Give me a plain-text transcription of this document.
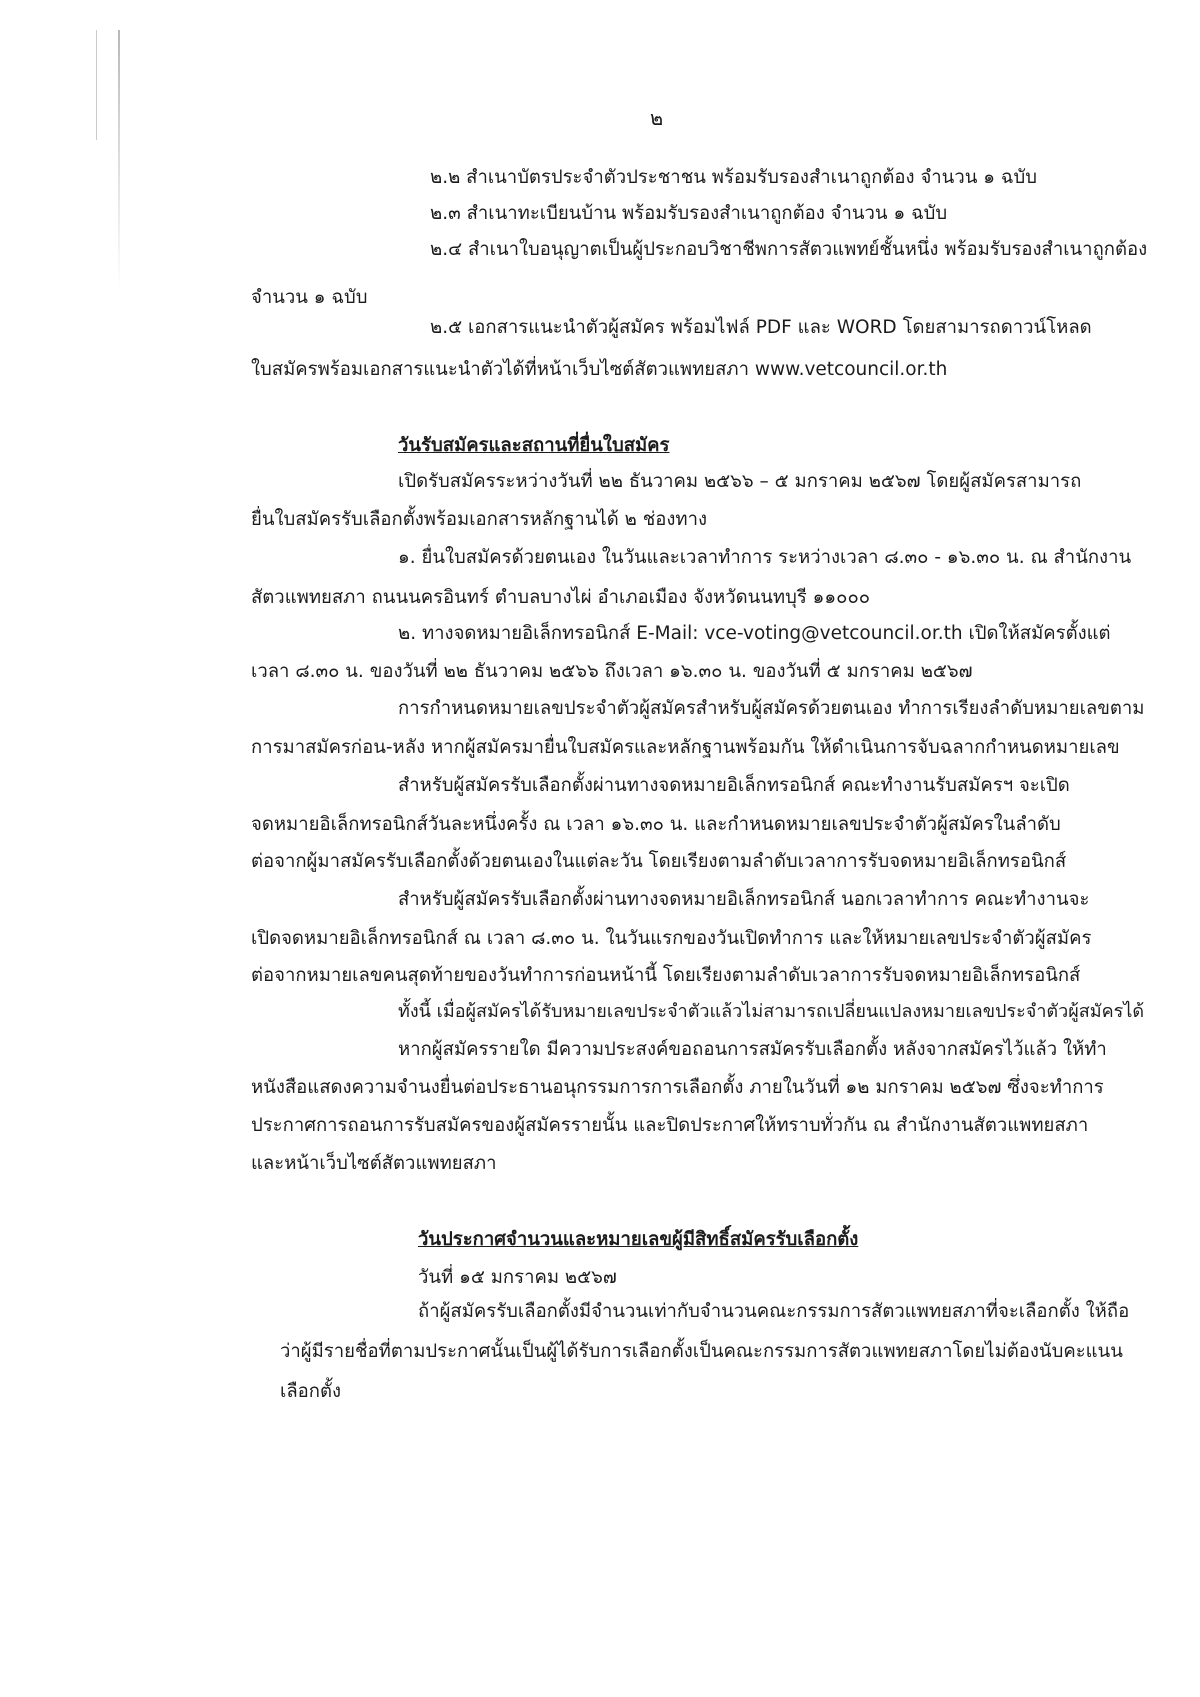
๒
๒.๒ สำเนาบัตรประจำตัวประชาชน พร้อมรับรองสำเนาถูกต้อง จำนวน ๑ ฉบับ
๒.๓ สำเนาทะเบียนบ้าน พร้อมรับรองสำเนาถูกต้อง จำนวน ๑ ฉบับ
๒.๔ สำเนาใบอนุญาตเป็นผู้ประกอบวิชาชีพการสัตวแพทย์ชั้นหนึ่ง พร้อมรับรองสำเนาถูกต้อง
จำนวน ๑ ฉบับ
๒.๕ เอกสารแนะนำตัวผู้สมัคร พร้อมไฟล์ PDF และ WORD โดยสามารถดาวน์โหลด
ใบสมัครพร้อมเอกสารแนะนำตัวได้ที่หน้าเว็บไซต์สัตวแพทยสภา www.vetcouncil.or.th
วันรับสมัครและสถานที่ยื่นใบสมัคร
เปิดรับสมัครระหว่างวันที่ ๒๒ ธันวาคม ๒๕๖๖ – ๕ มกราคม ๒๕๖๗ โดยผู้สมัครสามารถ
ยื่นใบสมัครรับเลือกตั้งพร้อมเอกสารหลักฐานได้ ๒ ช่องทาง
๑. ยื่นใบสมัครด้วยตนเอง ในวันและเวลาทำการ ระหว่างเวลา ๘.๓๐ - ๑๖.๓๐ น. ณ สำนักงาน
สัตวแพทยสภา ถนนนครอินทร์ ตำบลบางไผ่ อำเภอเมือง จังหวัดนนทบุรี ๑๑๐๐๐
๒. ทางจดหมายอิเล็กทรอนิกส์ E-Mail: vce-voting@vetcouncil.or.th เปิดให้สมัครตั้งแต่
เวลา ๘.๓๐ น. ของวันที่ ๒๒ ธันวาคม ๒๕๖๖ ถึงเวลา ๑๖.๓๐ น. ของวันที่ ๕ มกราคม ๒๕๖๗
การกำหนดหมายเลขประจำตัวผู้สมัครสำหรับผู้สมัครด้วยตนเอง ทำการเรียงลำดับหมายเลขตาม
การมาสมัครก่อน-หลัง หากผู้สมัครมายื่นใบสมัครและหลักฐานพร้อมกัน ให้ดำเนินการจับฉลากกำหนดหมายเลข
สำหรับผู้สมัครรับเลือกตั้งผ่านทางจดหมายอิเล็กทรอนิกส์ คณะทำงานรับสมัครฯ จะเปิด
จดหมายอิเล็กทรอนิกส์วันละหนึ่งครั้ง ณ เวลา ๑๖.๓๐ น. และกำหนดหมายเลขประจำตัวผู้สมัครในลำดับ
ต่อจากผู้มาสมัครรับเลือกตั้งด้วยตนเองในแต่ละวัน โดยเรียงตามลำดับเวลาการรับจดหมายอิเล็กทรอนิกส์
สำหรับผู้สมัครรับเลือกตั้งผ่านทางจดหมายอิเล็กทรอนิกส์ นอกเวลาทำการ คณะทำงานจะ
เปิดจดหมายอิเล็กทรอนิกส์ ณ เวลา ๘.๓๐ น. ในวันแรกของวันเปิดทำการ และให้หมายเลขประจำตัวผู้สมัคร
ต่อจากหมายเลขคนสุดท้ายของวันทำการก่อนหน้านี้ โดยเรียงตามลำดับเวลาการรับจดหมายอิเล็กทรอนิกส์
ทั้งนี้ เมื่อผู้สมัครได้รับหมายเลขประจำตัวแล้วไม่สามารถเปลี่ยนแปลงหมายเลขประจำตัวผู้สมัครได้
หากผู้สมัครรายใด มีความประสงค์ขอถอนการสมัครรับเลือกตั้ง หลังจากสมัครไว้แล้ว ให้ทำ
หนังสือแสดงความจำนงยื่นต่อประธานอนุกรรมการการเลือกตั้ง ภายในวันที่ ๑๒ มกราคม ๒๕๖๗ ซึ่งจะทำการ
ประกาศการถอนการรับสมัครของผู้สมัครรายนั้น และปิดประกาศให้ทราบทั่วกัน ณ สำนักงานสัตวแพทยสภา
และหน้าเว็บไซต์สัตวแพทยสภา
วันประกาศจำนวนและหมายเลขผู้มีสิทธิ์สมัครรับเลือกตั้ง
วันที่ ๑๕ มกราคม ๒๕๖๗
ถ้าผู้สมัครรับเลือกตั้งมีจำนวนเท่ากับจำนวนคณะกรรมการสัตวแพทยสภาที่จะเลือกตั้ง ให้ถือ
ว่าผู้มีรายชื่อที่ตามประกาศนั้นเป็นผู้ได้รับการเลือกตั้งเป็นคณะกรรมการสัตวแพทยสภาโดยไม่ต้องนับคะแนน
เลือกตั้ง
